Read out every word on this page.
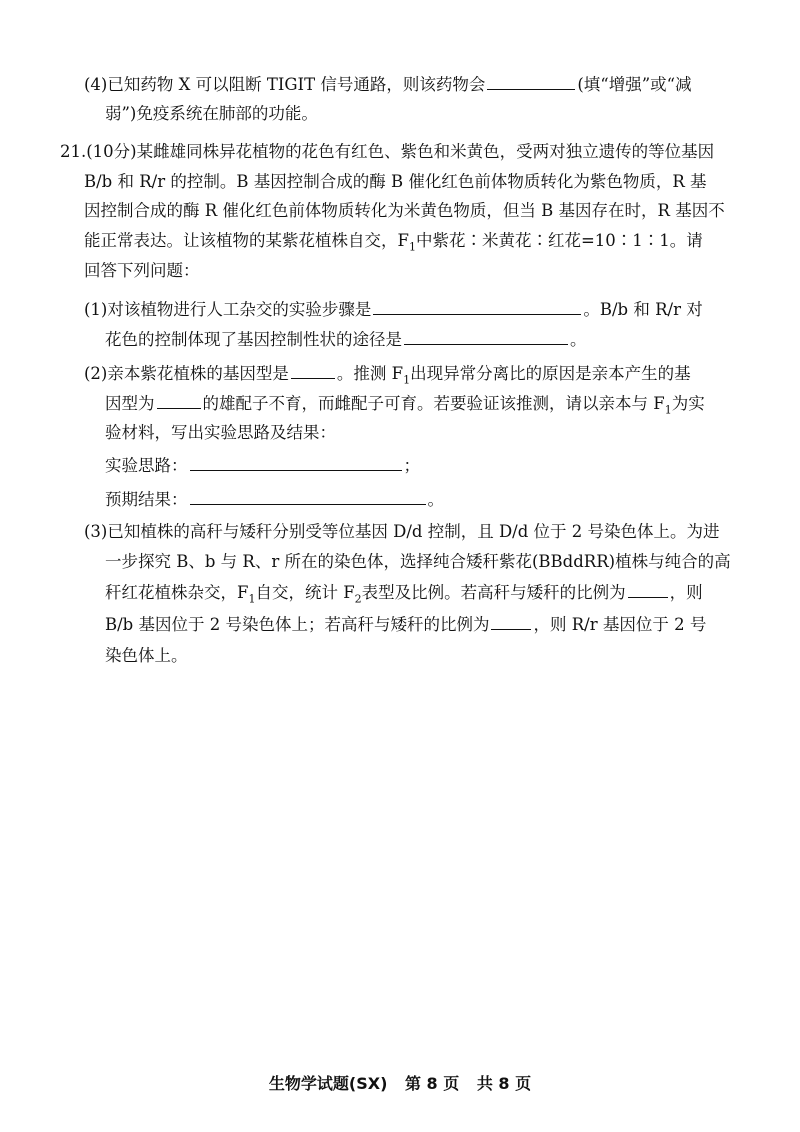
(4)已知药物 X 可以阻断 TIGIT 信号通路，则该药物会	(填“增强”或“减
弱”)免疫系统在肺部的功能。
21.(10分)某雌雄同株异花植物的花色有红色、紫色和米黄色，受两对独立遗传的等位基因
B/b 和 R/r 的控制。B 基因控制合成的酶 B 催化红色前体物质转化为紫色物质，R 基
因控制合成的酶 R 催化红色前体物质转化为米黄色物质，但当 B 基因存在时，R 基因不
能正常表达。让该植物的某紫花植株自交，$F_1$中紫花∶米黄花∶红花=10∶1∶1。请
回答下列问题：
(1)对该植物进行人工杂交的实验步骤是	。B/b 和 R/r 对
花色的控制体现了基因控制性状的途径是	。
(2)亲本紫花植株的基因型是	。推测 $F_1$出现异常分离比的原因是亲本产生的基
因型为	的雄配子不育，而雌配子可育。若要验证该推测，请以亲本与 $F_1$为实
验材料，写出实验思路及结果：
实验思路：	；
预期结果：	。
(3)已知植株的高秆与矮秆分别受等位基因 D/d 控制，且 D/d 位于 2 号染色体上。为进
一步探究 B、b 与 R、r 所在的染色体，选择纯合矮秆紫花(BBddRR)植株与纯合的高
秆红花植株杂交，$F_1$自交，统计 $F_2$表型及比例。若高秆与矮秆的比例为	，则
B/b 基因位于 2 号染色体上；若高秆与矮秆的比例为	，则 R/r 基因位于 2 号
染色体上。
生物学试题(SX) 第 8 页 共 8 页
